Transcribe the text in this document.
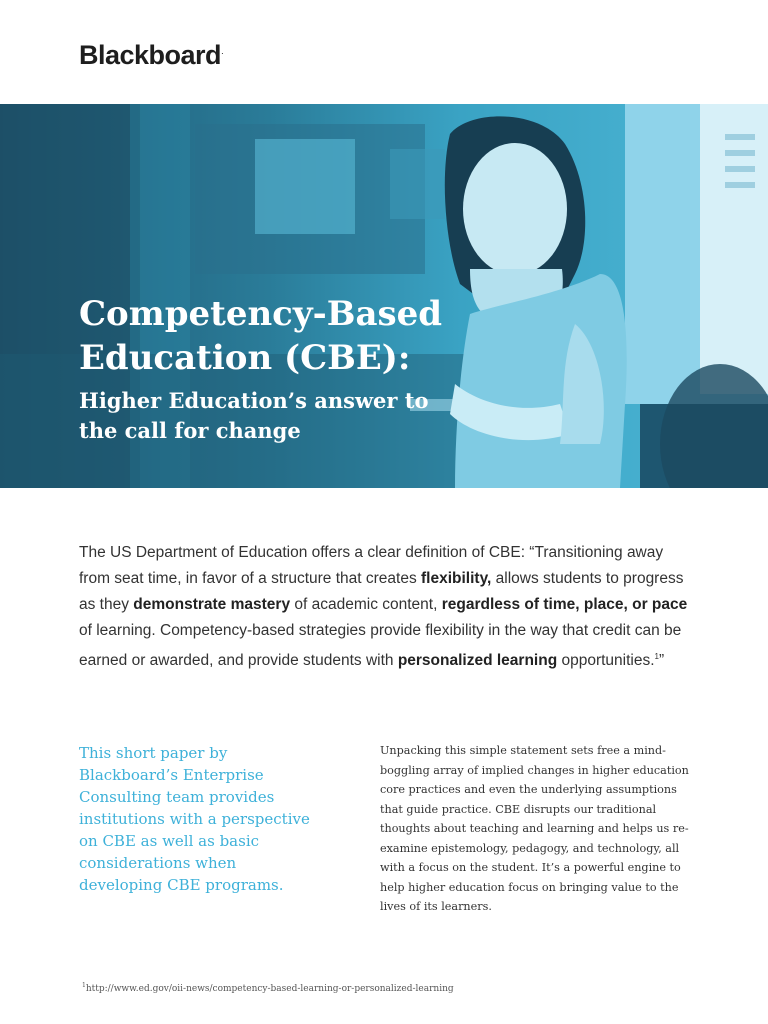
Blackboard.
Competency-Based Education (CBE):
Higher Education’s answer to the call for change

The US Department of Education offers a clear definition of CBE: “Transitioning away from seat time, in favor of a structure that creates flexibility, allows students to progress as they demonstrate mastery of academic content, regardless of time, place, or pace of learning. Competency-based strategies provide flexibility in the way that credit can be earned or awarded, and provide students with personalized learning opportunities.$^1$”

This short paper by Blackboard’s Enterprise Consulting team provides institutions with a perspective on CBE as well as basic considerations when developing CBE programs.

Unpacking this simple statement sets free a mind-boggling array of implied changes in higher education core practices and even the underlying assumptions that guide practice. CBE disrupts our traditional thoughts about teaching and learning and helps us re-examine epistemology, pedagogy, and technology, all with a focus on the student. It’s a powerful engine to help higher education focus on bringing value to the lives of its learners.

$^1$http://www.ed.gov/oii-news/competency-based-learning-or-personalized-learning
